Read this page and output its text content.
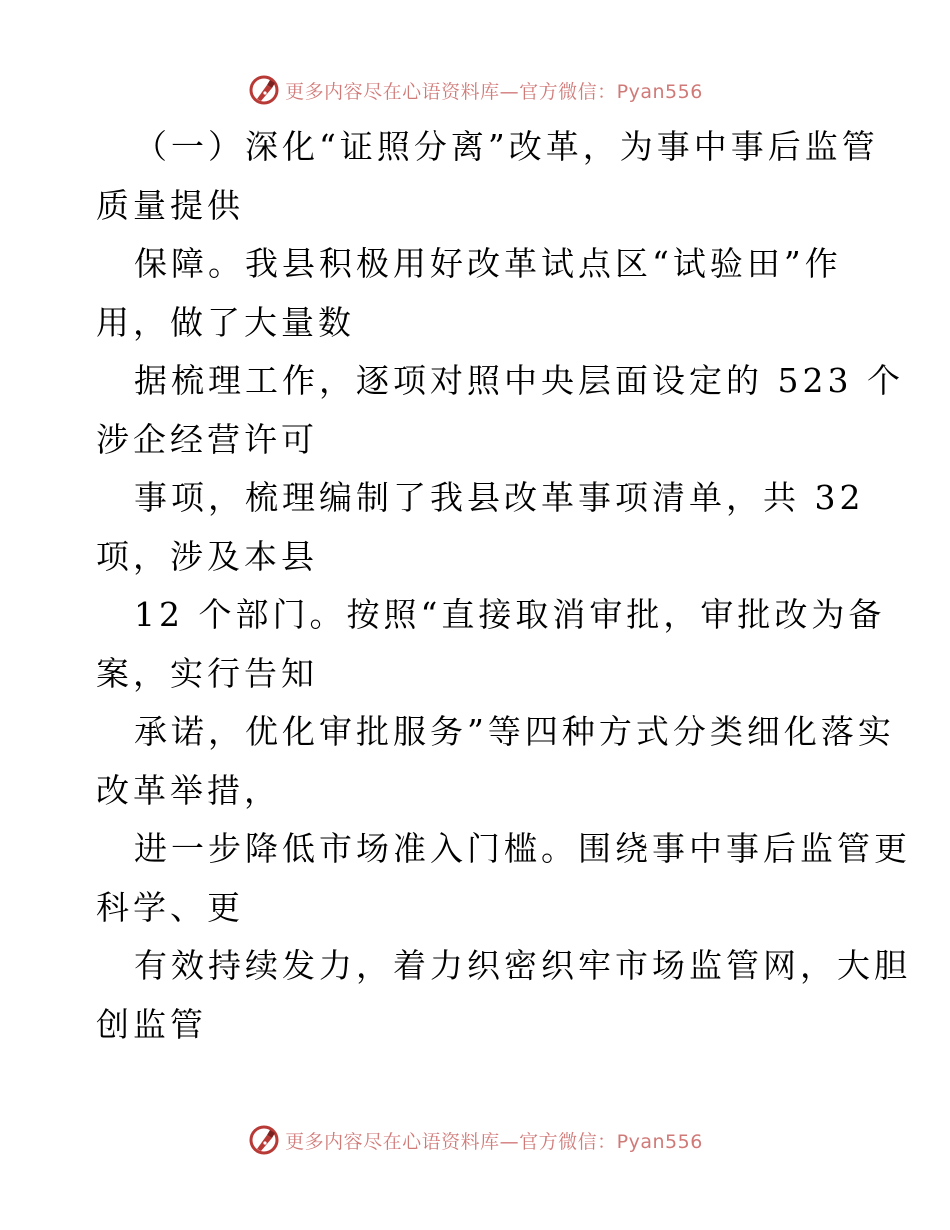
更多内容尽在心语资料库—官方微信：Pyan556
（一）深化“证照分离”改革，为事中事后监管
质量提供
保障。我县积极用好改革试点区“试验田”作
用，做了大量数
据梳理工作，逐项对照中央层面设定的 523 个
涉企经营许可
事项，梳理编制了我县改革事项清单，共 32
项，涉及本县
12 个部门。按照“直接取消审批，审批改为备
案，实行告知
承诺，优化审批服务”等四种方式分类细化落实
改革举措，
进一步降低市场准入门槛。围绕事中事后监管更
科学、更
有效持续发力，着力织密织牢市场监管网，大胆
创监管
更多内容尽在心语资料库—官方微信：Pyan556
